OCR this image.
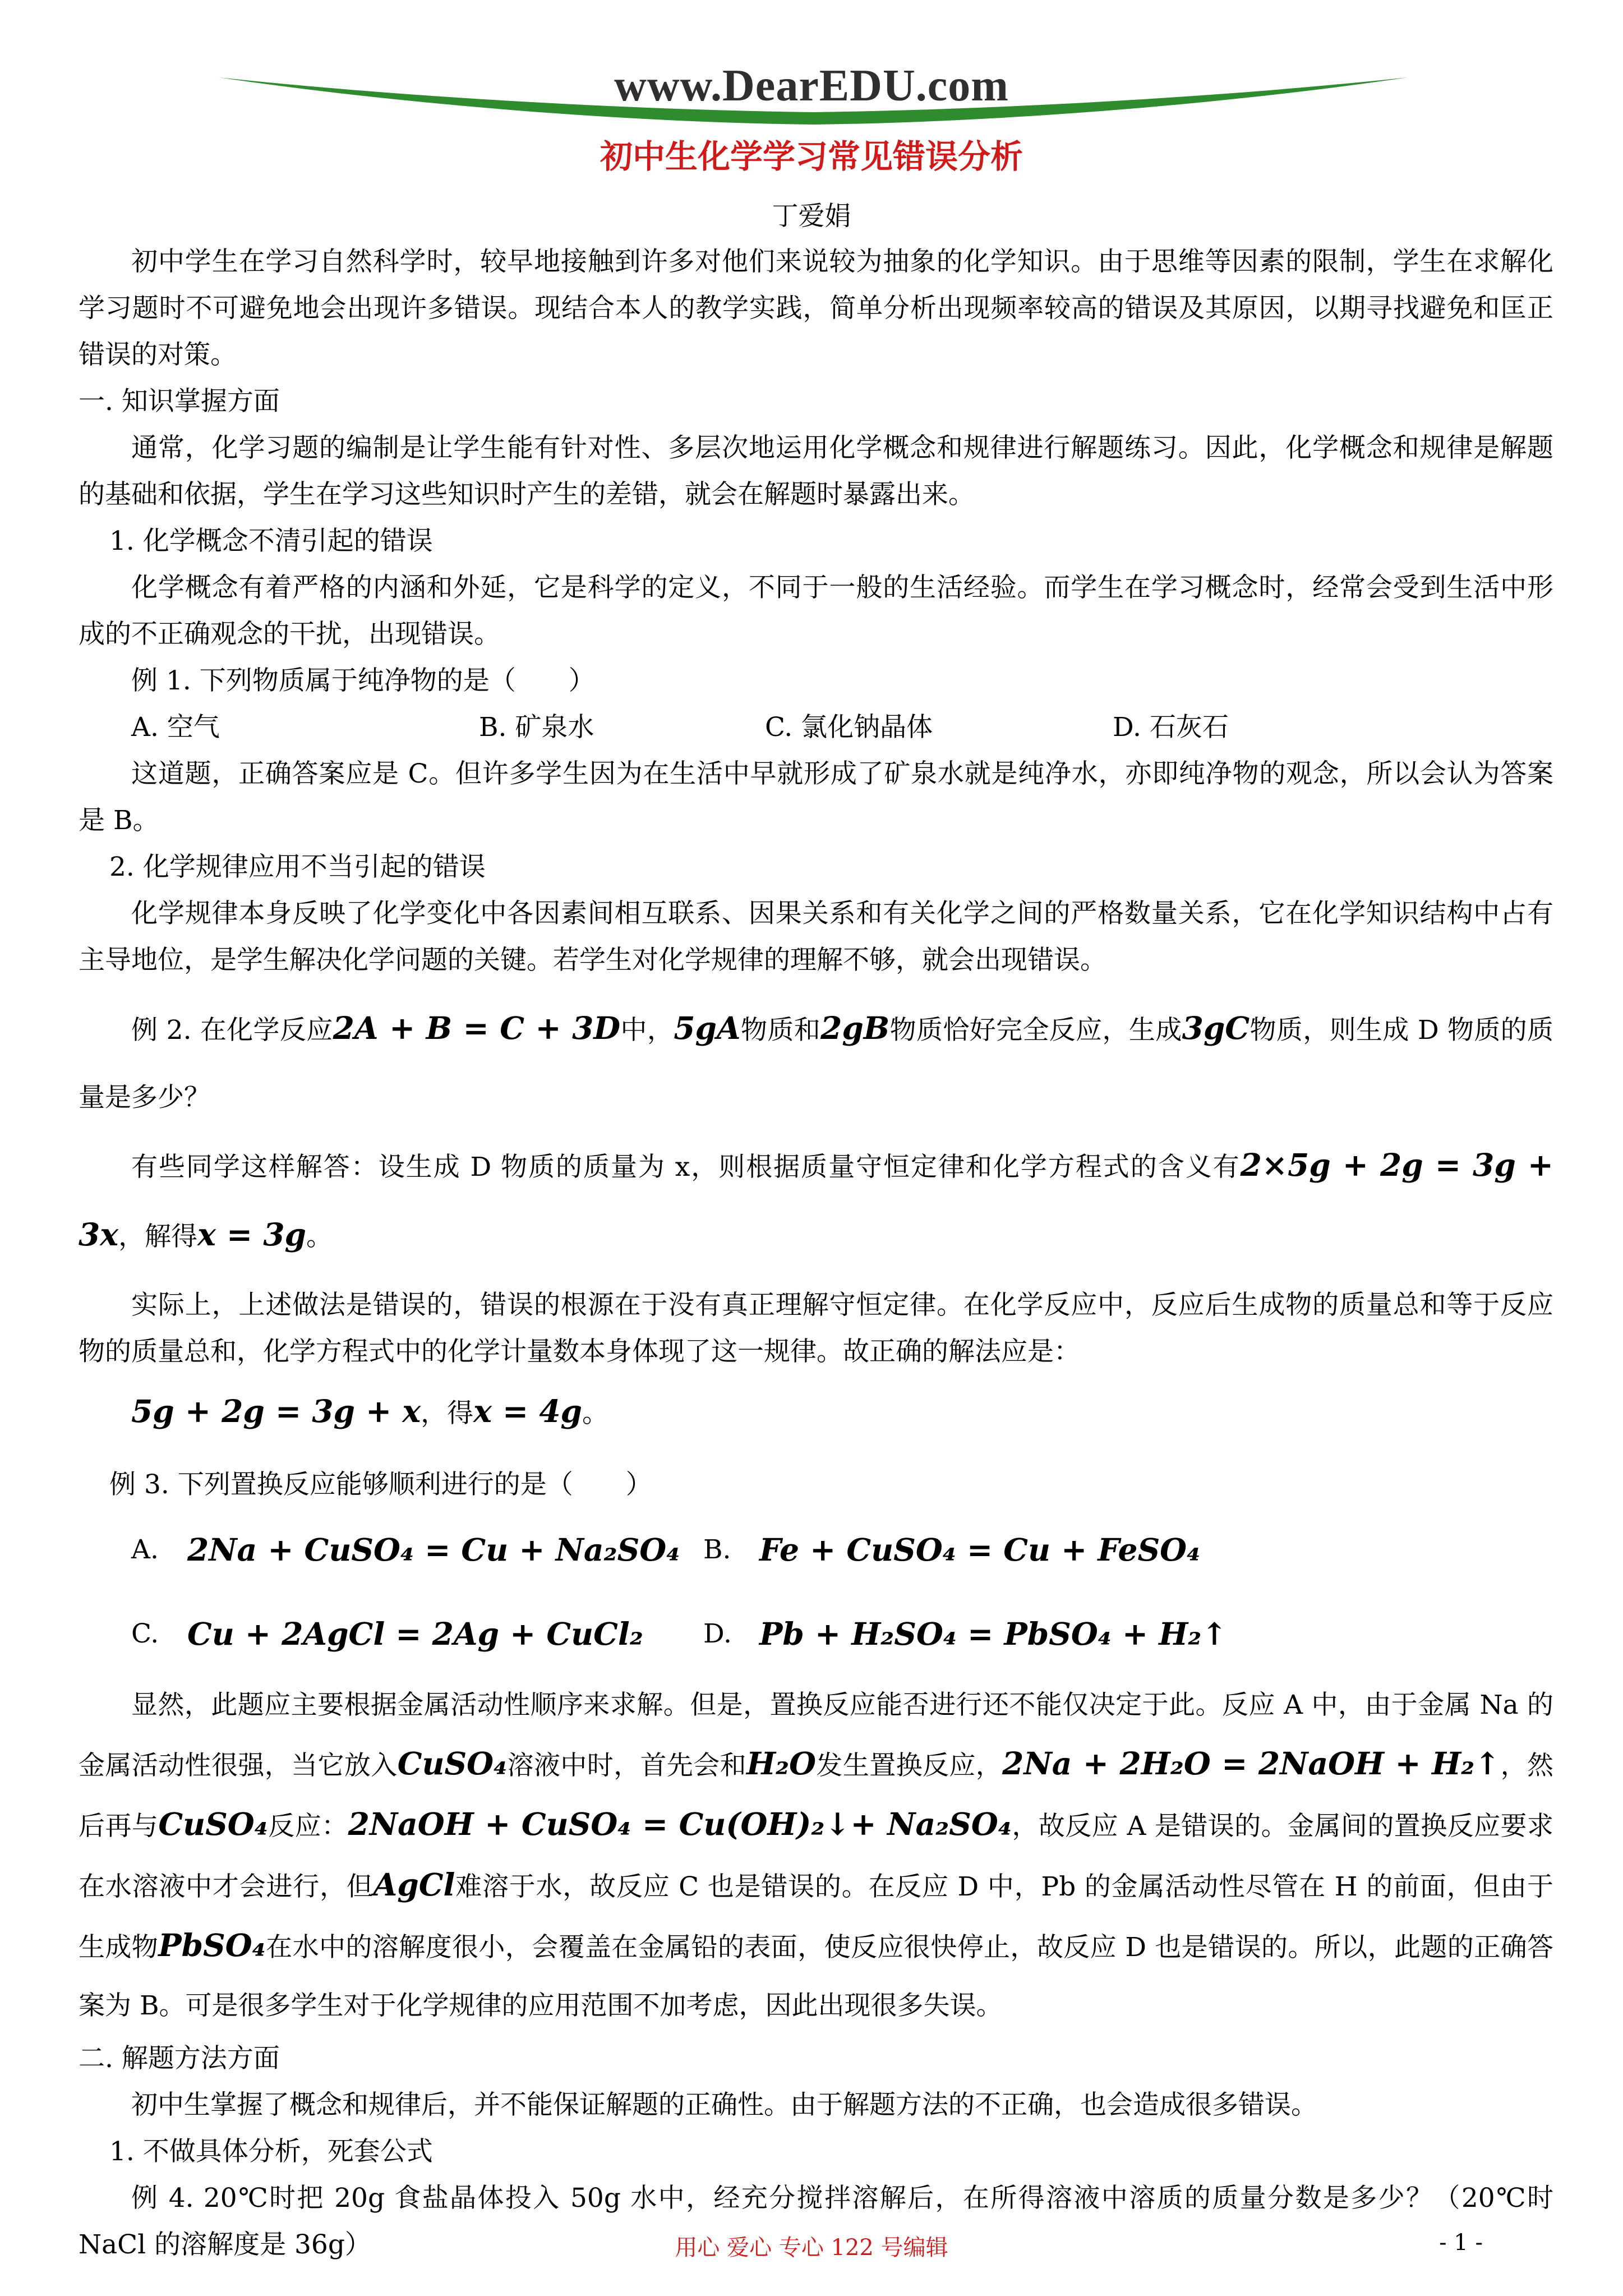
www.DearEDU.com
初中生化学学习常见错误分析
丁爱娟

初中学生在学习自然科学时，较早地接触到许多对他们来说较为抽象的化学知识。由于思维等因素的限制，学生在求解化学习题时不可避免地会出现许多错误。现结合本人的教学实践，简单分析出现频率较高的错误及其原因，以期寻找避免和匡正错误的对策。

一. 知识掌握方面

通常，化学习题的编制是让学生能有针对性、多层次地运用化学概念和规律进行解题练习。因此，化学概念和规律是解题的基础和依据，学生在学习这些知识时产生的差错，就会在解题时暴露出来。

1. 化学概念不清引起的错误

化学概念有着严格的内涵和外延，它是科学的定义，不同于一般的生活经验。而学生在学习概念时，经常会受到生活中形成的不正确观念的干扰，出现错误。

例 1. 下列物质属于纯净物的是（　　）

A. 空气	B. 矿泉水	C. 氯化钠晶体	D. 石灰石

这道题，正确答案应是 C。但许多学生因为在生活中早就形成了矿泉水就是纯净水，亦即纯净物的观念，所以会认为答案是 B。

2. 化学规律应用不当引起的错误

化学规律本身反映了化学变化中各因素间相互联系、因果关系和有关化学之间的严格数量关系，它在化学知识结构中占有主导地位，是学生解决化学问题的关键。若学生对化学规律的理解不够，就会出现错误。

例 2. 在化学反应2A + B = C + 3D中，5gA物质和2gB物质恰好完全反应，生成3gC物质，则生成 D 物质的质量是多少？

有些同学这样解答：设生成 D 物质的质量为 x，则根据质量守恒定律和化学方程式的含义有2×5g + 2g = 3g + 3x，解得x = 3g。

实际上，上述做法是错误的，错误的根源在于没有真正理解守恒定律。在化学反应中，反应后生成物的质量总和等于反应物的质量总和，化学方程式中的化学计量数本身体现了这一规律。故正确的解法应是：

5g + 2g = 3g + x，得x = 4g。

例 3. 下列置换反应能够顺利进行的是（　　）

A. 2Na + CuSO₄ = Cu + Na₂SO₄ B. Fe + CuSO₄ = Cu + FeSO₄
C. Cu + 2AgCl = 2Ag + CuCl₂	D. Pb + H₂SO₄ = PbSO₄ + H₂↑

显然，此题应主要根据金属活动性顺序来求解。但是，置换反应能否进行还不能仅决定于此。反应 A 中，由于金属 Na 的金属活动性很强，当它放入CuSO₄溶液中时，首先会和H₂O发生置换反应，2Na + 2H₂O = 2NaOH + H₂↑，然后再与CuSO₄反应：2NaOH + CuSO₄ = Cu(OH)₂↓+ Na₂SO₄，故反应 A 是错误的。金属间的置换反应要求在水溶液中才会进行，但AgCl难溶于水，故反应 C 也是错误的。在反应 D 中，Pb 的金属活动性尽管在 H 的前面，但由于生成物PbSO₄在水中的溶解度很小，会覆盖在金属铅的表面，使反应很快停止，故反应 D 也是错误的。所以，此题的正确答案为 B。可是很多学生对于化学规律的应用范围不加考虑，因此出现很多失误。

二. 解题方法方面

初中生掌握了概念和规律后，并不能保证解题的正确性。由于解题方法的不正确，也会造成很多错误。

1. 不做具体分析，死套公式

例 4. 20℃时把 20g 食盐晶体投入 50g 水中，经充分搅拌溶解后，在所得溶液中溶质的质量分数是多少？（20℃时 NaCl 的溶解度是 36g）	用心 爱心 专心 122 号编辑	- 1 -
